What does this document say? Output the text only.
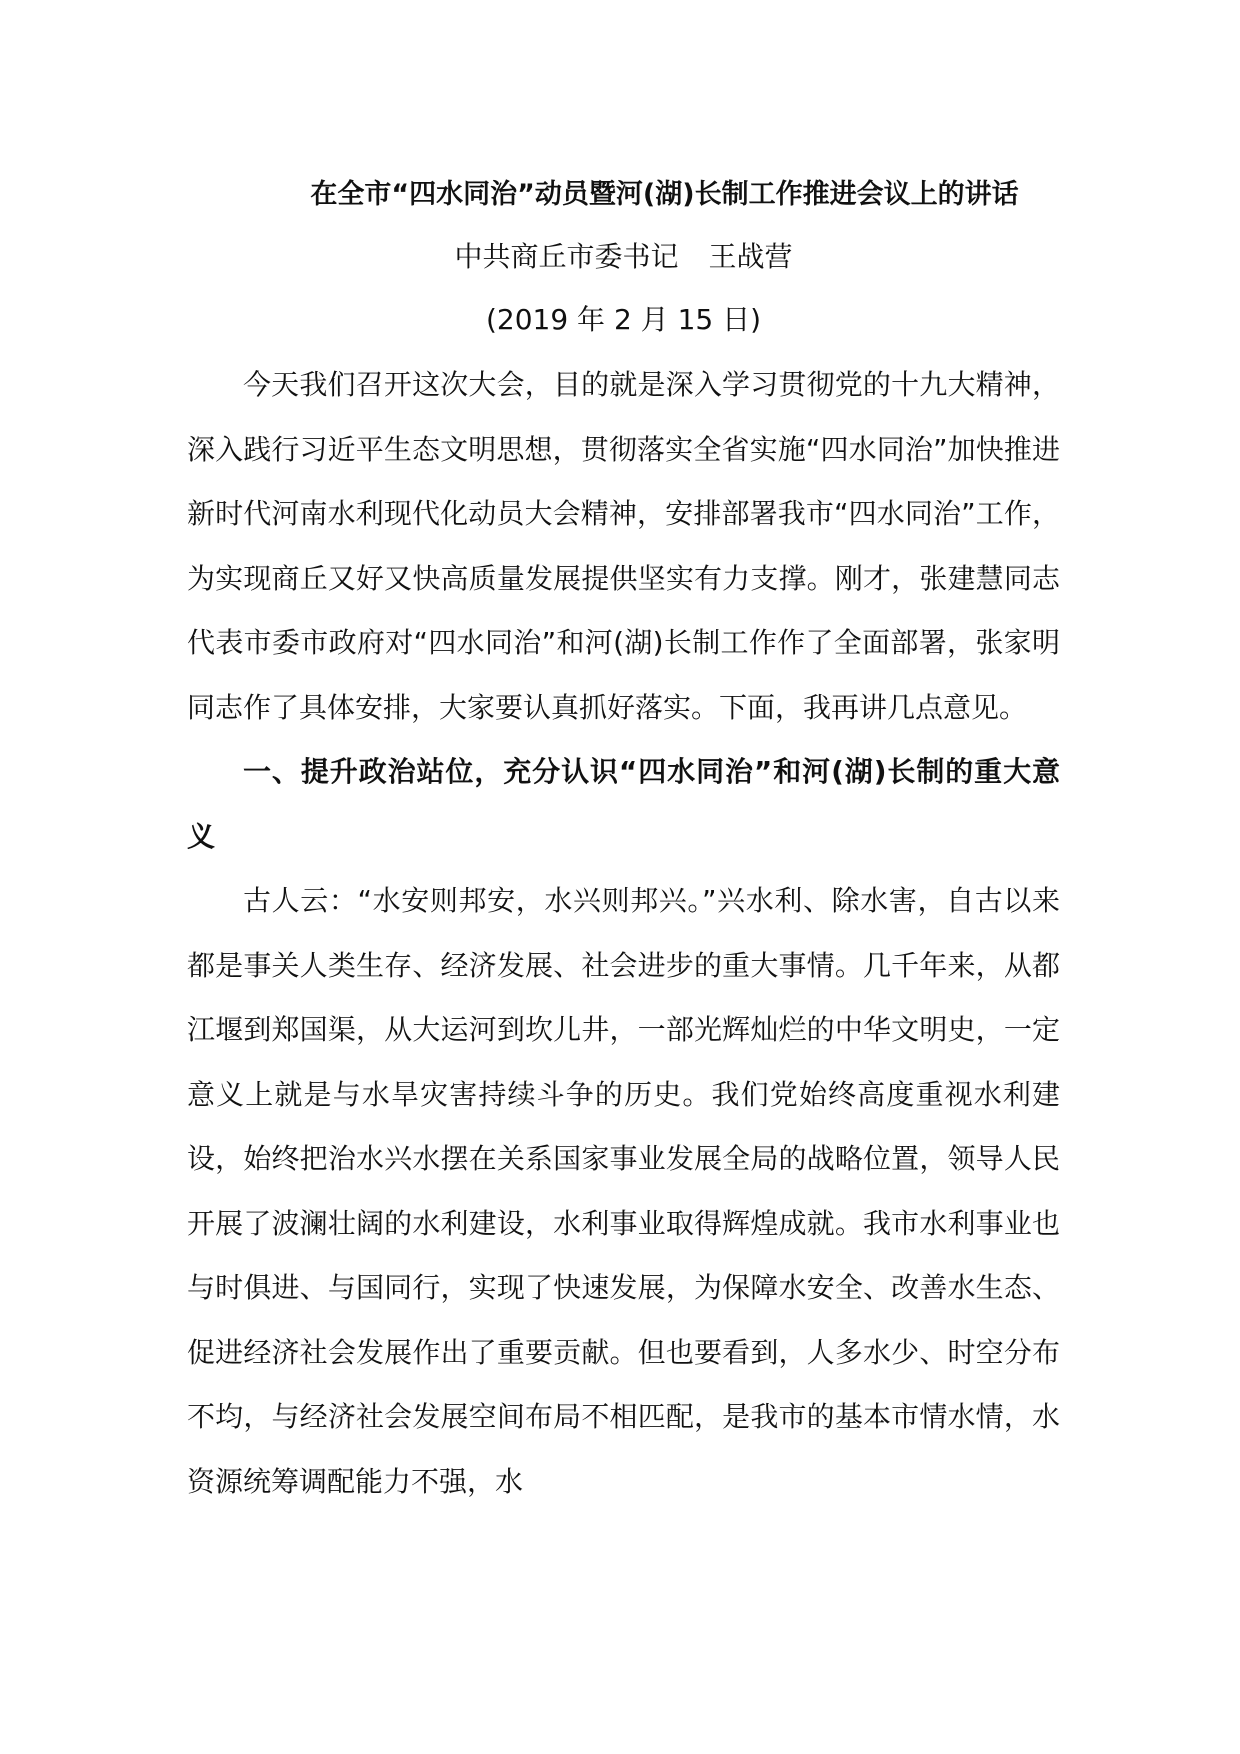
在全市“四水同治”动员暨河(湖)长制工作推进会议上的讲话
中共商丘市委书记 王战营
(2019 年 2 月 15 日)

今天我们召开这次大会，目的就是深入学习贯彻党的十九大精神，深入践行习近平生态文明思想，贯彻落实全省实施“四水同治”加快推进新时代河南水利现代化动员大会精神，安排部署我市“四水同治”工作，为实现商丘又好又快高质量发展提供坚实有力支撑。刚才，张建慧同志代表市委市政府对“四水同治”和河(湖)长制工作作了全面部署，张家明同志作了具体安排，大家要认真抓好落实。下面，我再讲几点意见。

一、提升政治站位，充分认识“四水同治”和河(湖)长制的重大意义

古人云：“水安则邦安，水兴则邦兴。”兴水利、除水害，自古以来都是事关人类生存、经济发展、社会进步的重大事情。几千年来，从都江堰到郑国渠，从大运河到坎儿井，一部光辉灿烂的中华文明史，一定意义上就是与水旱灾害持续斗争的历史。我们党始终高度重视水利建设，始终把治水兴水摆在关系国家事业发展全局的战略位置，领导人民开展了波澜壮阔的水利建设，水利事业取得辉煌成就。我市水利事业也与时俱进、与国同行，实现了快速发展，为保障水安全、改善水生态、促进经济社会发展作出了重要贡献。但也要看到，人多水少、时空分布不均，与经济社会发展空间布局不相匹配，是我市的基本市情水情，水资源统筹调配能力不强，水
